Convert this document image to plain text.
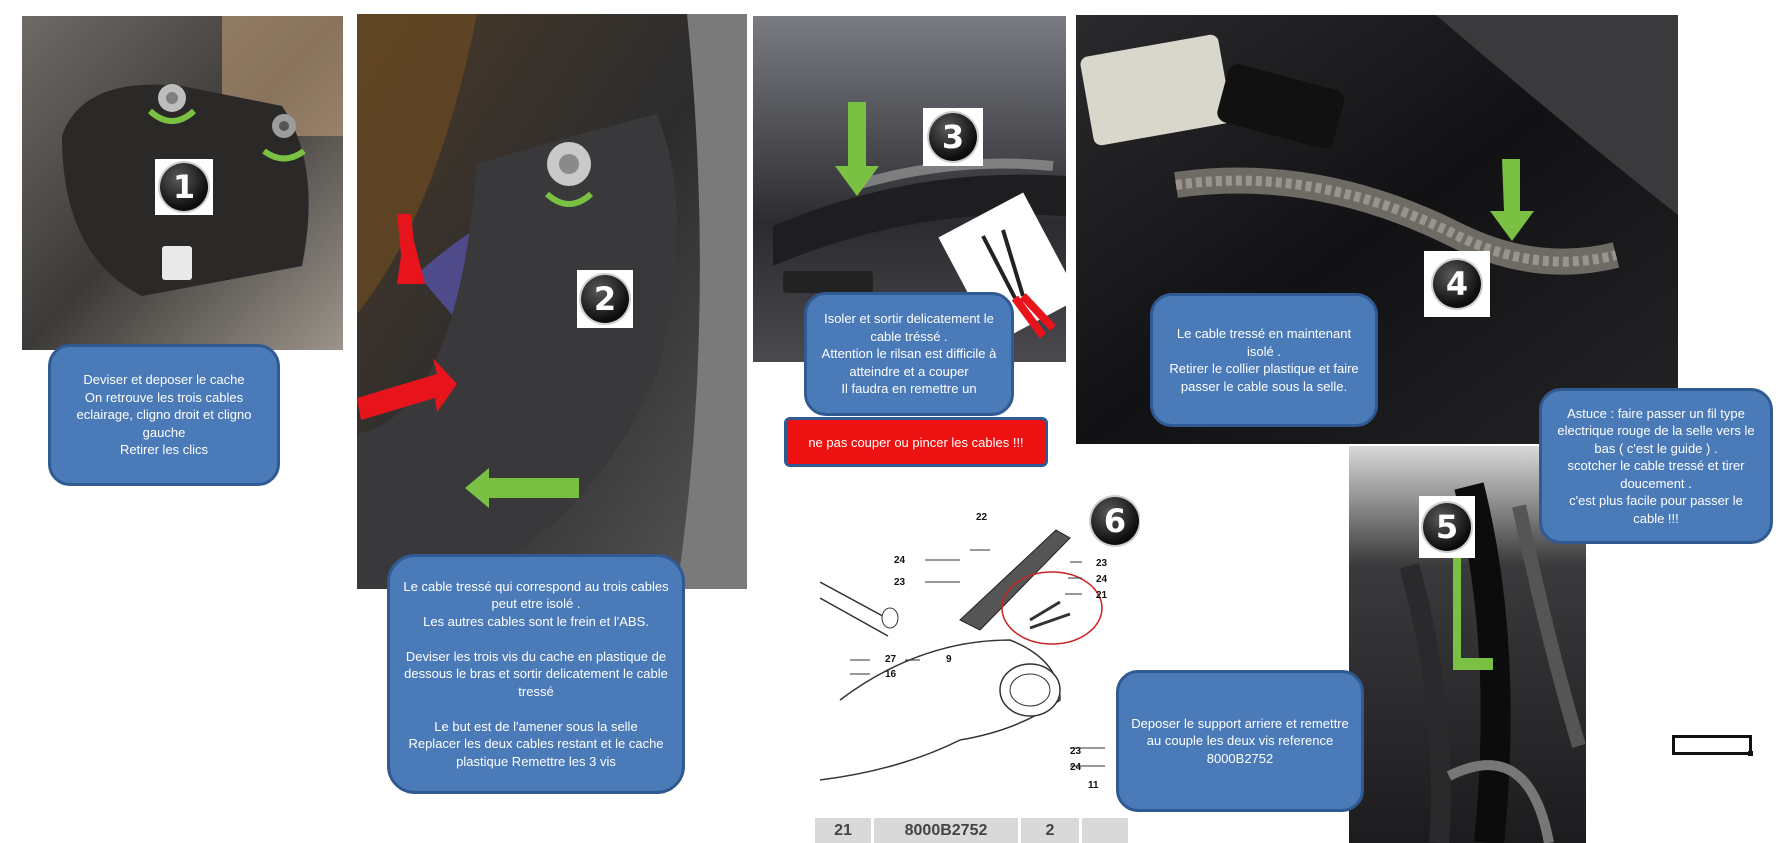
1
2
3
4
5
22
24
23
23
24
21
27
16
9
23
24
11
6
21	8000B2752	2

Deviser et deposer le cache
On retrouve les trois cables eclairage, cligno droit et cligno gauche
Retirer les clics

Le cable tressé qui correspond au trois cables peut etre isolé .
Les autres cables sont le frein et l'ABS.

Deviser les trois vis du cache en plastique de dessous le bras et sortir delicatement le cable tressé

Le but est de l'amener sous la selle
Replacer les deux cables restant et le cache plastique Remettre les 3 vis

Isoler et sortir delicatement le cable tréssé .
Attention le rilsan est difficile à atteindre et a couper
Il faudra en remettre un

ne pas couper ou pincer les cables !!!

Le cable tressé en maintenant isolé .
Retirer le collier plastique et faire passer le cable sous la selle.

Astuce : faire passer un fil type electrique rouge de la selle vers le bas ( c'est le guide ) .
scotcher le cable tressé et tirer doucement .
c'est plus facile pour passer le cable !!!

Deposer le support arriere et remettre au couple les deux vis reference 8000B2752
